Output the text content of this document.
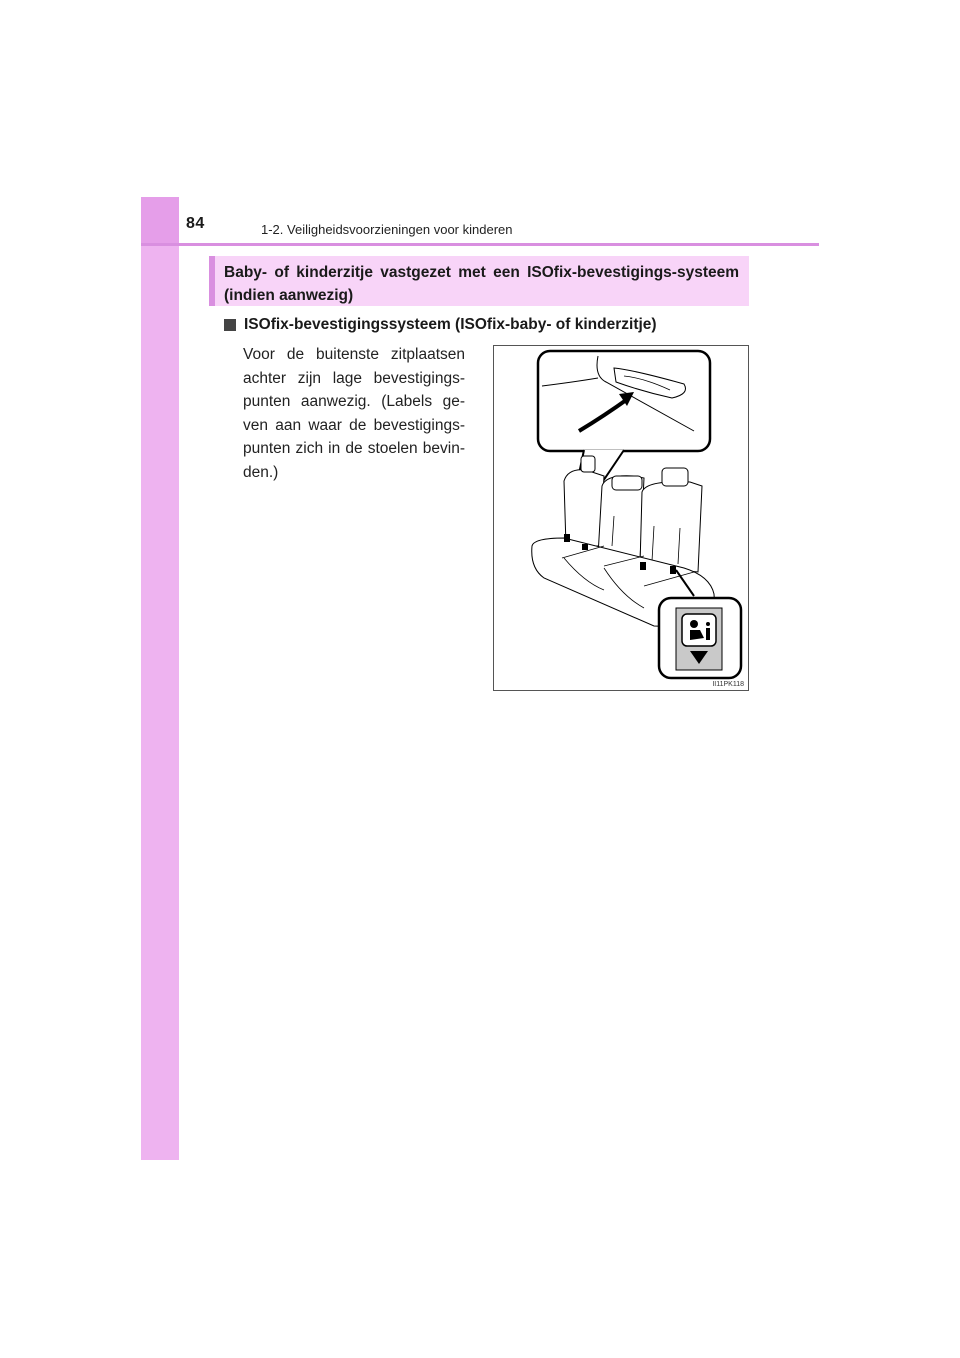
84	1-2. Veiligheidsvoorzieningen voor kinderen
Baby- of kinderzitje vastgezet met een ISOfix-bevestigings-systeem (indien aanwezig)
ISOfix-bevestigingssysteem (ISOfix-baby- of kinderzitje)
Voor de buitenste zitplaatsen achter zijn lage bevestigings-punten aanwezig. (Labels ge-ven aan waar de bevestigings-punten zich in de stoelen bevin-den.)
II11PK118
